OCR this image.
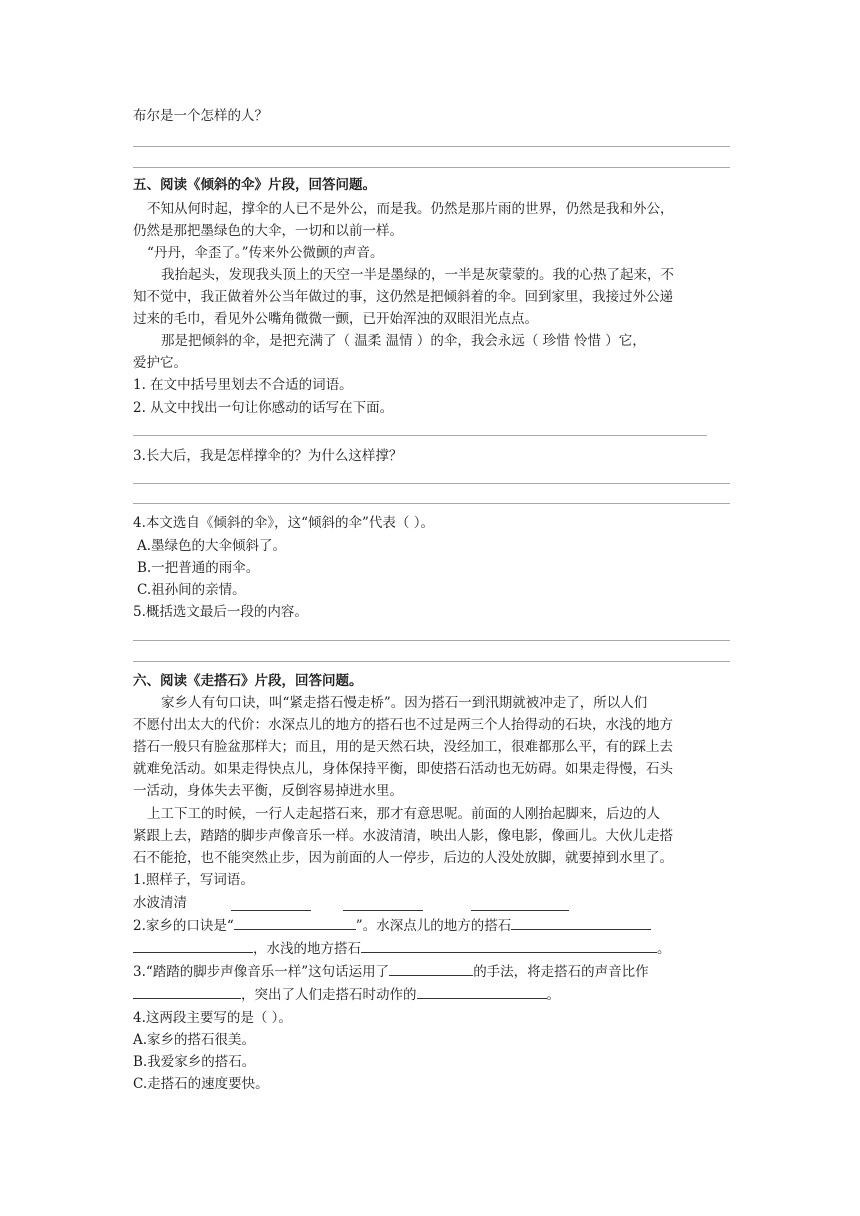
布尔是一个怎样的人？
五、阅读《倾斜的伞》片段，回答问题。
不知从何时起，撑伞的人已不是外公，而是我。仍然是那片雨的世界，仍然是我和外公，
仍然是那把墨绿色的大伞，一切和以前一样。
“丹丹，伞歪了。”传来外公微颤的声音。
我抬起头，发现我头顶上的天空一半是墨绿的，一半是灰蒙蒙的。我的心热了起来，不
知不觉中，我正做着外公当年做过的事，这仍然是把倾斜着的伞。回到家里，我接过外公递
过来的毛巾，看见外公嘴角微微一颤，已开始浑浊的双眼泪光点点。
那是把倾斜的伞，是把充满了（ 温柔 温情 ）的伞，我会永远（ 珍惜 怜惜 ）它，
爱护它。
1. 在文中括号里划去不合适的词语。
2. 从文中找出一句让你感动的话写在下面。
3.长大后，我是怎样撑伞的？为什么这样撑？
4.本文选自《倾斜的伞》，这“倾斜的伞”代表（ ）。
A.墨绿色的大伞倾斜了。
B.一把普通的雨伞。
C.祖孙间的亲情。
5.概括选文最后一段的内容。
六、阅读《走搭石》片段，回答问题。
家乡人有句口诀，叫“紧走搭石慢走桥”。因为搭石一到汛期就被冲走了，所以人们
不愿付出太大的代价：水深点儿的地方的搭石也不过是两三个人抬得动的石块，水浅的地方
搭石一般只有脸盆那样大；而且，用的是天然石块，没经加工，很难都那么平，有的踩上去
就难免活动。如果走得快点儿，身体保持平衡，即使搭石活动也无妨碍。如果走得慢，石头
一活动，身体失去平衡，反倒容易掉进水里。
上工下工的时候，一行人走起搭石来，那才有意思呢。前面的人刚抬起脚来，后边的人
紧跟上去，踏踏的脚步声像音乐一样。水波清清，映出人影，像电影，像画儿。大伙儿走搭
石不能抢，也不能突然止步，因为前面的人一停步，后边的人没处放脚，就要掉到水里了。
1.照样子，写词语。
水波清清
2.家乡的口诀是“	”。水深点儿的地方的搭石
，水浅的地方搭石	。
3.“踏踏的脚步声像音乐一样”这句话运用了	的手法，将走搭石的声音比作
，突出了人们走搭石时动作的	。
4.这两段主要写的是（ ）。
A.家乡的搭石很美。
B.我爱家乡的搭石。
C.走搭石的速度要快。
